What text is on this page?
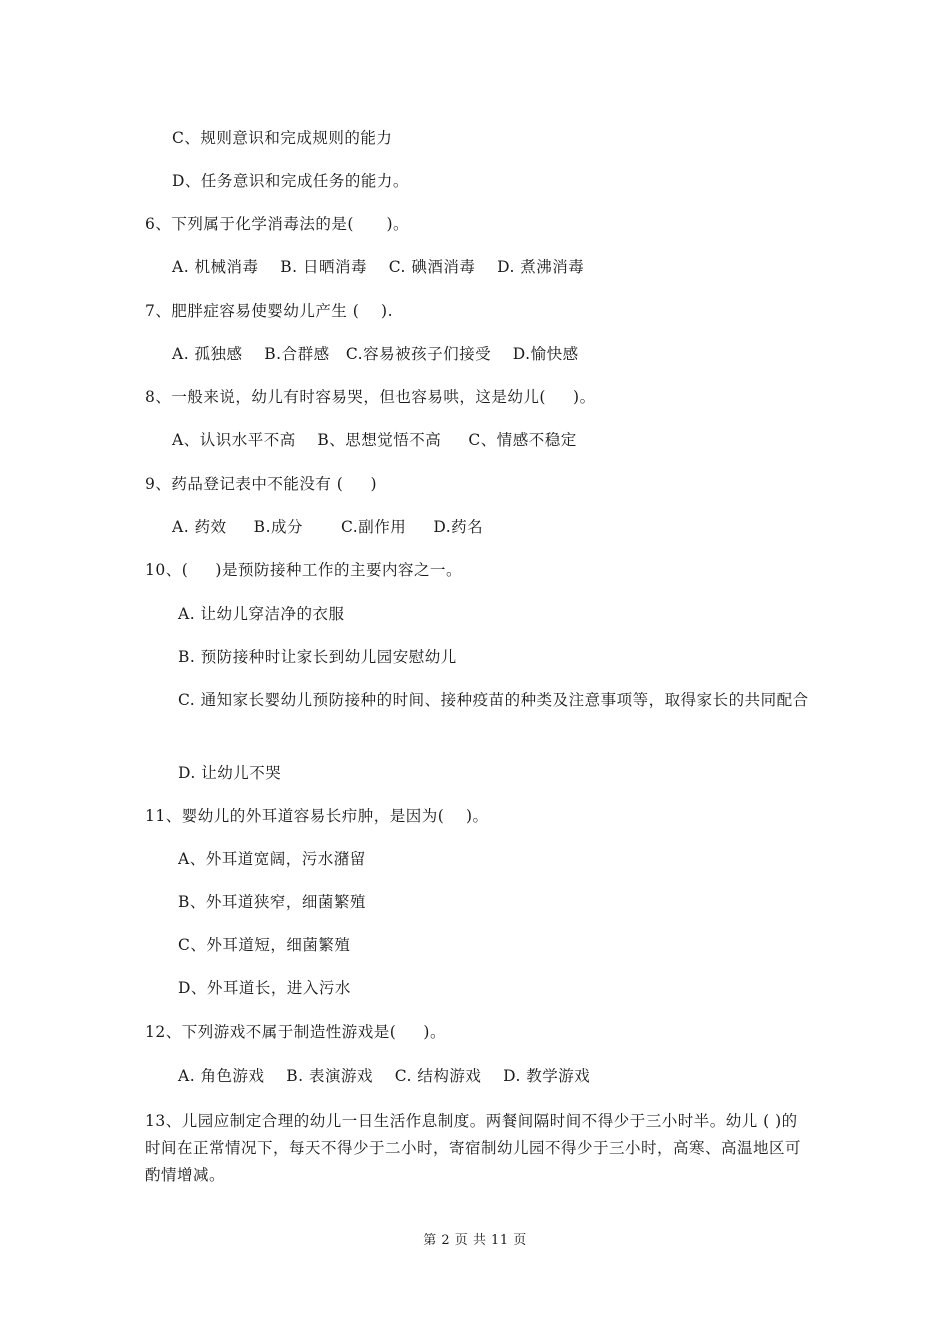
C、规则意识和完成规则的能力
D、任务意识和完成任务的能力。
6、下列属于化学消毒法的是(      )。
A. 机械消毒    B. 日晒消毒    C. 碘酒消毒    D. 煮沸消毒
7、肥胖症容易使婴幼儿产生 (    ).
A. 孤独感    B.合群感   C.容易被孩子们接受    D.愉快感
8、一般来说，幼儿有时容易哭，但也容易哄，这是幼儿(     )。
A、认识水平不高    B、思想觉悟不高     C、情感不稳定
9、药品登记表中不能没有 (     )
A. 药效     B.成分       C.副作用     D.药名
10、(     )是预防接种工作的主要内容之一。
A. 让幼儿穿洁净的衣服
B. 预防接种时让家长到幼儿园安慰幼儿
C. 通知家长婴幼儿预防接种的时间、接种疫苗的种类及注意事项等，取得家长的共同配合
D. 让幼儿不哭
11、婴幼儿的外耳道容易长疖肿，是因为(    )。
A、外耳道宽阔，污水潴留
B、外耳道狭窄，细菌繁殖
C、外耳道短，细菌繁殖
D、外耳道长，进入污水
12、下列游戏不属于制造性游戏是(     )。
A. 角色游戏    B. 表演游戏    C. 结构游戏    D. 教学游戏
13、儿园应制定合理的幼儿一日生活作息制度。两餐间隔时间不得少于三小时半。幼儿 ( )的时间在正常情况下，每天不得少于二小时，寄宿制幼儿园不得少于三小时，高寒、高温地区可酌情增减。
第 2 页 共 11 页
